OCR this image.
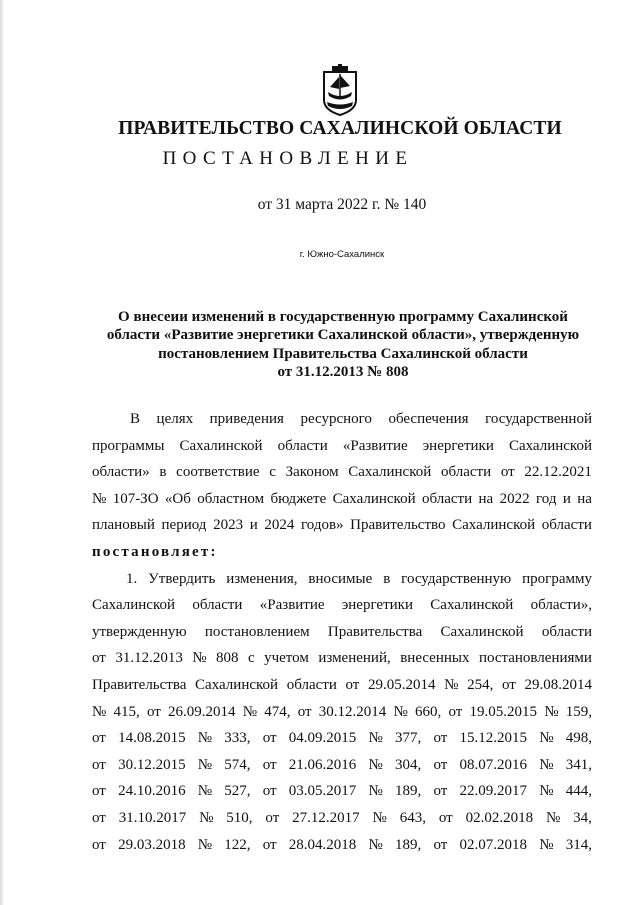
ПРАВИТЕЛЬСТВО САХАЛИНСКОЙ ОБЛАСТИ
ПОСТАНОВЛЕНИЕ
от 31 марта 2022 г. № 140
г. Южно-Сахалинск
О внесеии изменений в государственную программу Сахалинской
области «Развитие энергетики Сахалинской области», утвержденную
постановлением Правительства Сахалинской области
от 31.12.2013 № 808
В целях приведения ресурсного обеспечения государственной
программы Сахалинской области «Развитие энергетики Сахалинской
области» в соответствие с Законом Сахалинской области от 22.12.2021
№ 107-ЗО «Об областном бюджете Сахалинской области на 2022 год и на
плановый период 2023 и 2024 годов» Правительство Сахалинской области
постановляет:
1. Утвердить изменения, вносимые в государственную программу
Сахалинской области «Развитие энергетики Сахалинской области»,
утвержденную постановлением Правительства Сахалинской области
от 31.12.2013 № 808 с учетом изменений, внесенных постановлениями
Правительства Сахалинской области от 29.05.2014 № 254, от 29.08.2014
№ 415, от 26.09.2014 № 474, от 30.12.2014 № 660, от 19.05.2015 № 159,
от 14.08.2015 № 333, от 04.09.2015 № 377, от 15.12.2015 № 498,
от 30.12.2015 № 574, от 21.06.2016 № 304, от 08.07.2016 № 341,
от 24.10.2016 № 527, от 03.05.2017 № 189, от 22.09.2017 № 444,
от 31.10.2017 № 510, от 27.12.2017 № 643, от 02.02.2018 № 34,
от 29.03.2018 № 122, от 28.04.2018 № 189, от 02.07.2018 № 314,
